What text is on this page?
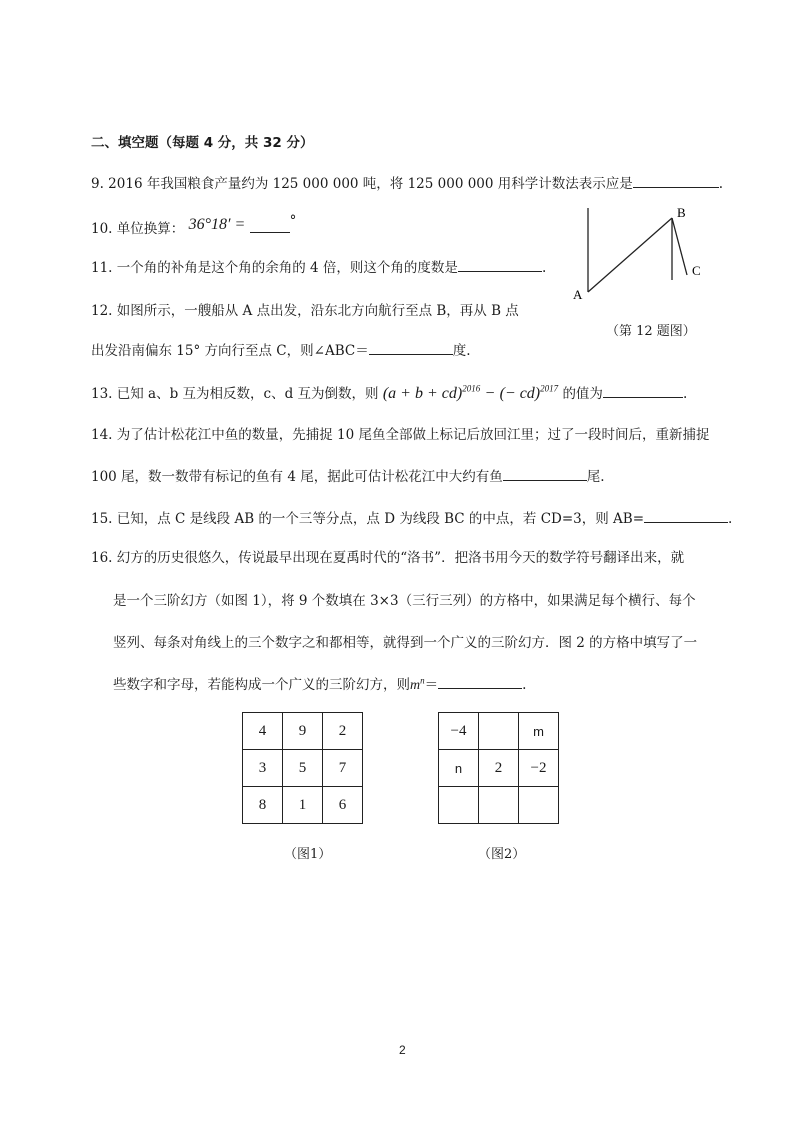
二、填空题（每题 4 分，共 32 分）
9. 2016 年我国粮食产量约为 125 000 000 吨，将 125 000 000 用科学计数法表示应是	.
10. 单位换算： 36°18′ =	°
11. 一个角的补角是这个角的余角的 4 倍，则这个角的度数是	.
12. 如图所示，一艘船从 A 点出发，沿东北方向航行至点 B，再从 B 点
出发沿南偏东 15° 方向行至点 C，则∠ABC＝	度.
A
B
C
（第 12 题图）
13. 已知 a、b 互为相反数，c、d 互为倒数，则 (a + b + cd)$^{2016}$ − (− cd)$^{2017}$ 的值为	.
14. 为了估计松花江中鱼的数量，先捕捉 10 尾鱼全部做上标记后放回江里；过了一段时间后，重新捕捉
100 尾，数一数带有标记的鱼有 4 尾，据此可估计松花江中大约有鱼	尾.
15. 已知，点 C 是线段 AB 的一个三等分点，点 D 为线段 BC 的中点，若 CD=3，则 AB=	.
16. 幻方的历史很悠久，传说最早出现在夏禹时代的“洛书”．把洛书用今天的数学符号翻译出来，就
是一个三阶幻方（如图 1），将 9 个数填在 3×3（三行三列）的方格中，如果满足每个横行、每个
竖列、每条对角线上的三个数字之和都相等，就得到一个广义的三阶幻方．图 2 的方格中填写了一
些数字和字母，若能构成一个广义的三阶幻方，则$m^n=$	.
4	9	2
3	5	7
8	1	6
（图1）
−4		m
n	2	−2

（图2）
2
